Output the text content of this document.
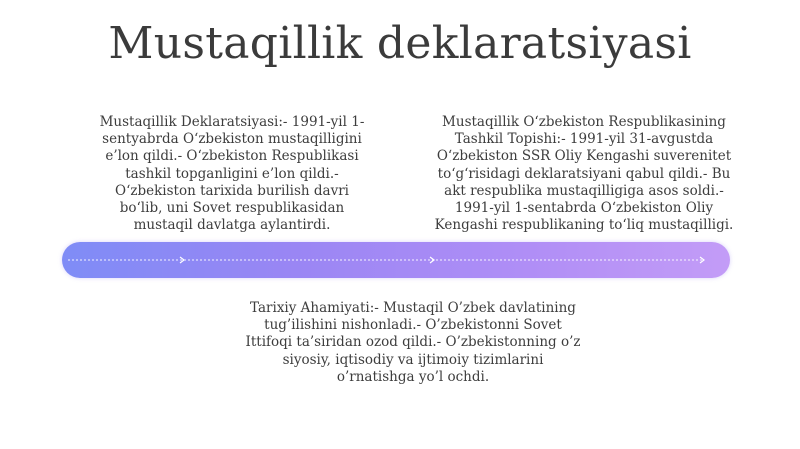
Mustaqillik deklaratsiyasi
Mustaqillik Deklaratsiyasi:- 1991-yil 1-
sentyabrda O‘zbekiston mustaqilligini
e’lon qildi.- O‘zbekiston Respublikasi
tashkil topganligini e’lon qildi.-
O‘zbekiston tarixida burilish davri
bo‘lib, uni Sovet respublikasidan
mustaqil davlatga aylantirdi.
Mustaqillik O‘zbekiston Respublikasining
Tashkil Topishi:- 1991-yil 31-avgustda
O‘zbekiston SSR Oliy Kengashi suverenitet
to‘g‘risidagi deklaratsiyani qabul qildi.- Bu
akt respublika mustaqilligiga asos soldi.-
1991-yil 1-sentabrda O‘zbekiston Oliy
Kengashi respublikaning to‘liq mustaqilligi.
Tarixiy Ahamiyati:- Mustaqil O’zbek davlatining
tug’ilishini nishonladi.- O’zbekistonni Sovet
Ittifoqi ta’siridan ozod qildi.- O’zbekistonning o’z
siyosiy, iqtisodiy va ijtimoiy tizimlarini
o’rnatishga yo’l ochdi.
